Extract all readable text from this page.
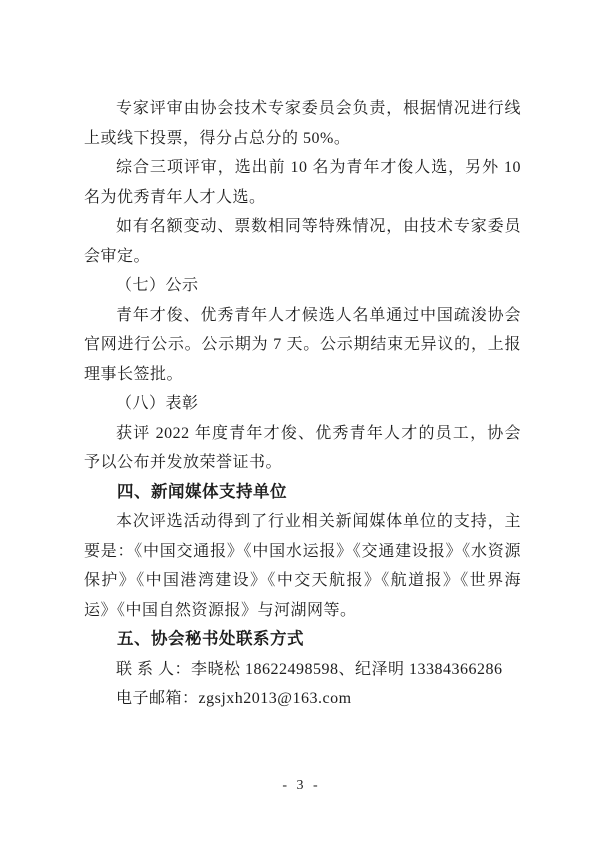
专家评审由协会技术专家委员会负责，根据情况进行线上或线下投票，得分占总分的 50%。

综合三项评审，选出前 10 名为青年才俊人选，另外 10 名为优秀青年人才人选。

如有名额变动、票数相同等特殊情况，由技术专家委员会审定。

（七）公示

青年才俊、优秀青年人才候选人名单通过中国疏浚协会官网进行公示。公示期为 7 天。公示期结束无异议的，上报理事长签批。

（八）表彰

获评 2022 年度青年才俊、优秀青年人才的员工，协会予以公布并发放荣誉证书。

四、新闻媒体支持单位

本次评选活动得到了行业相关新闻媒体单位的支持，主要是：《中国交通报》《中国水运报》《交通建设报》《水资源保护》《中国港湾建设》《中交天航报》《航道报》《世界海运》《中国自然资源报》与河湖网等。

五、协会秘书处联系方式

联 系 人：李晓松 18622498598、纪泽明 13384366286

电子邮箱：zgsjxh2013@163.com

- 3 -
